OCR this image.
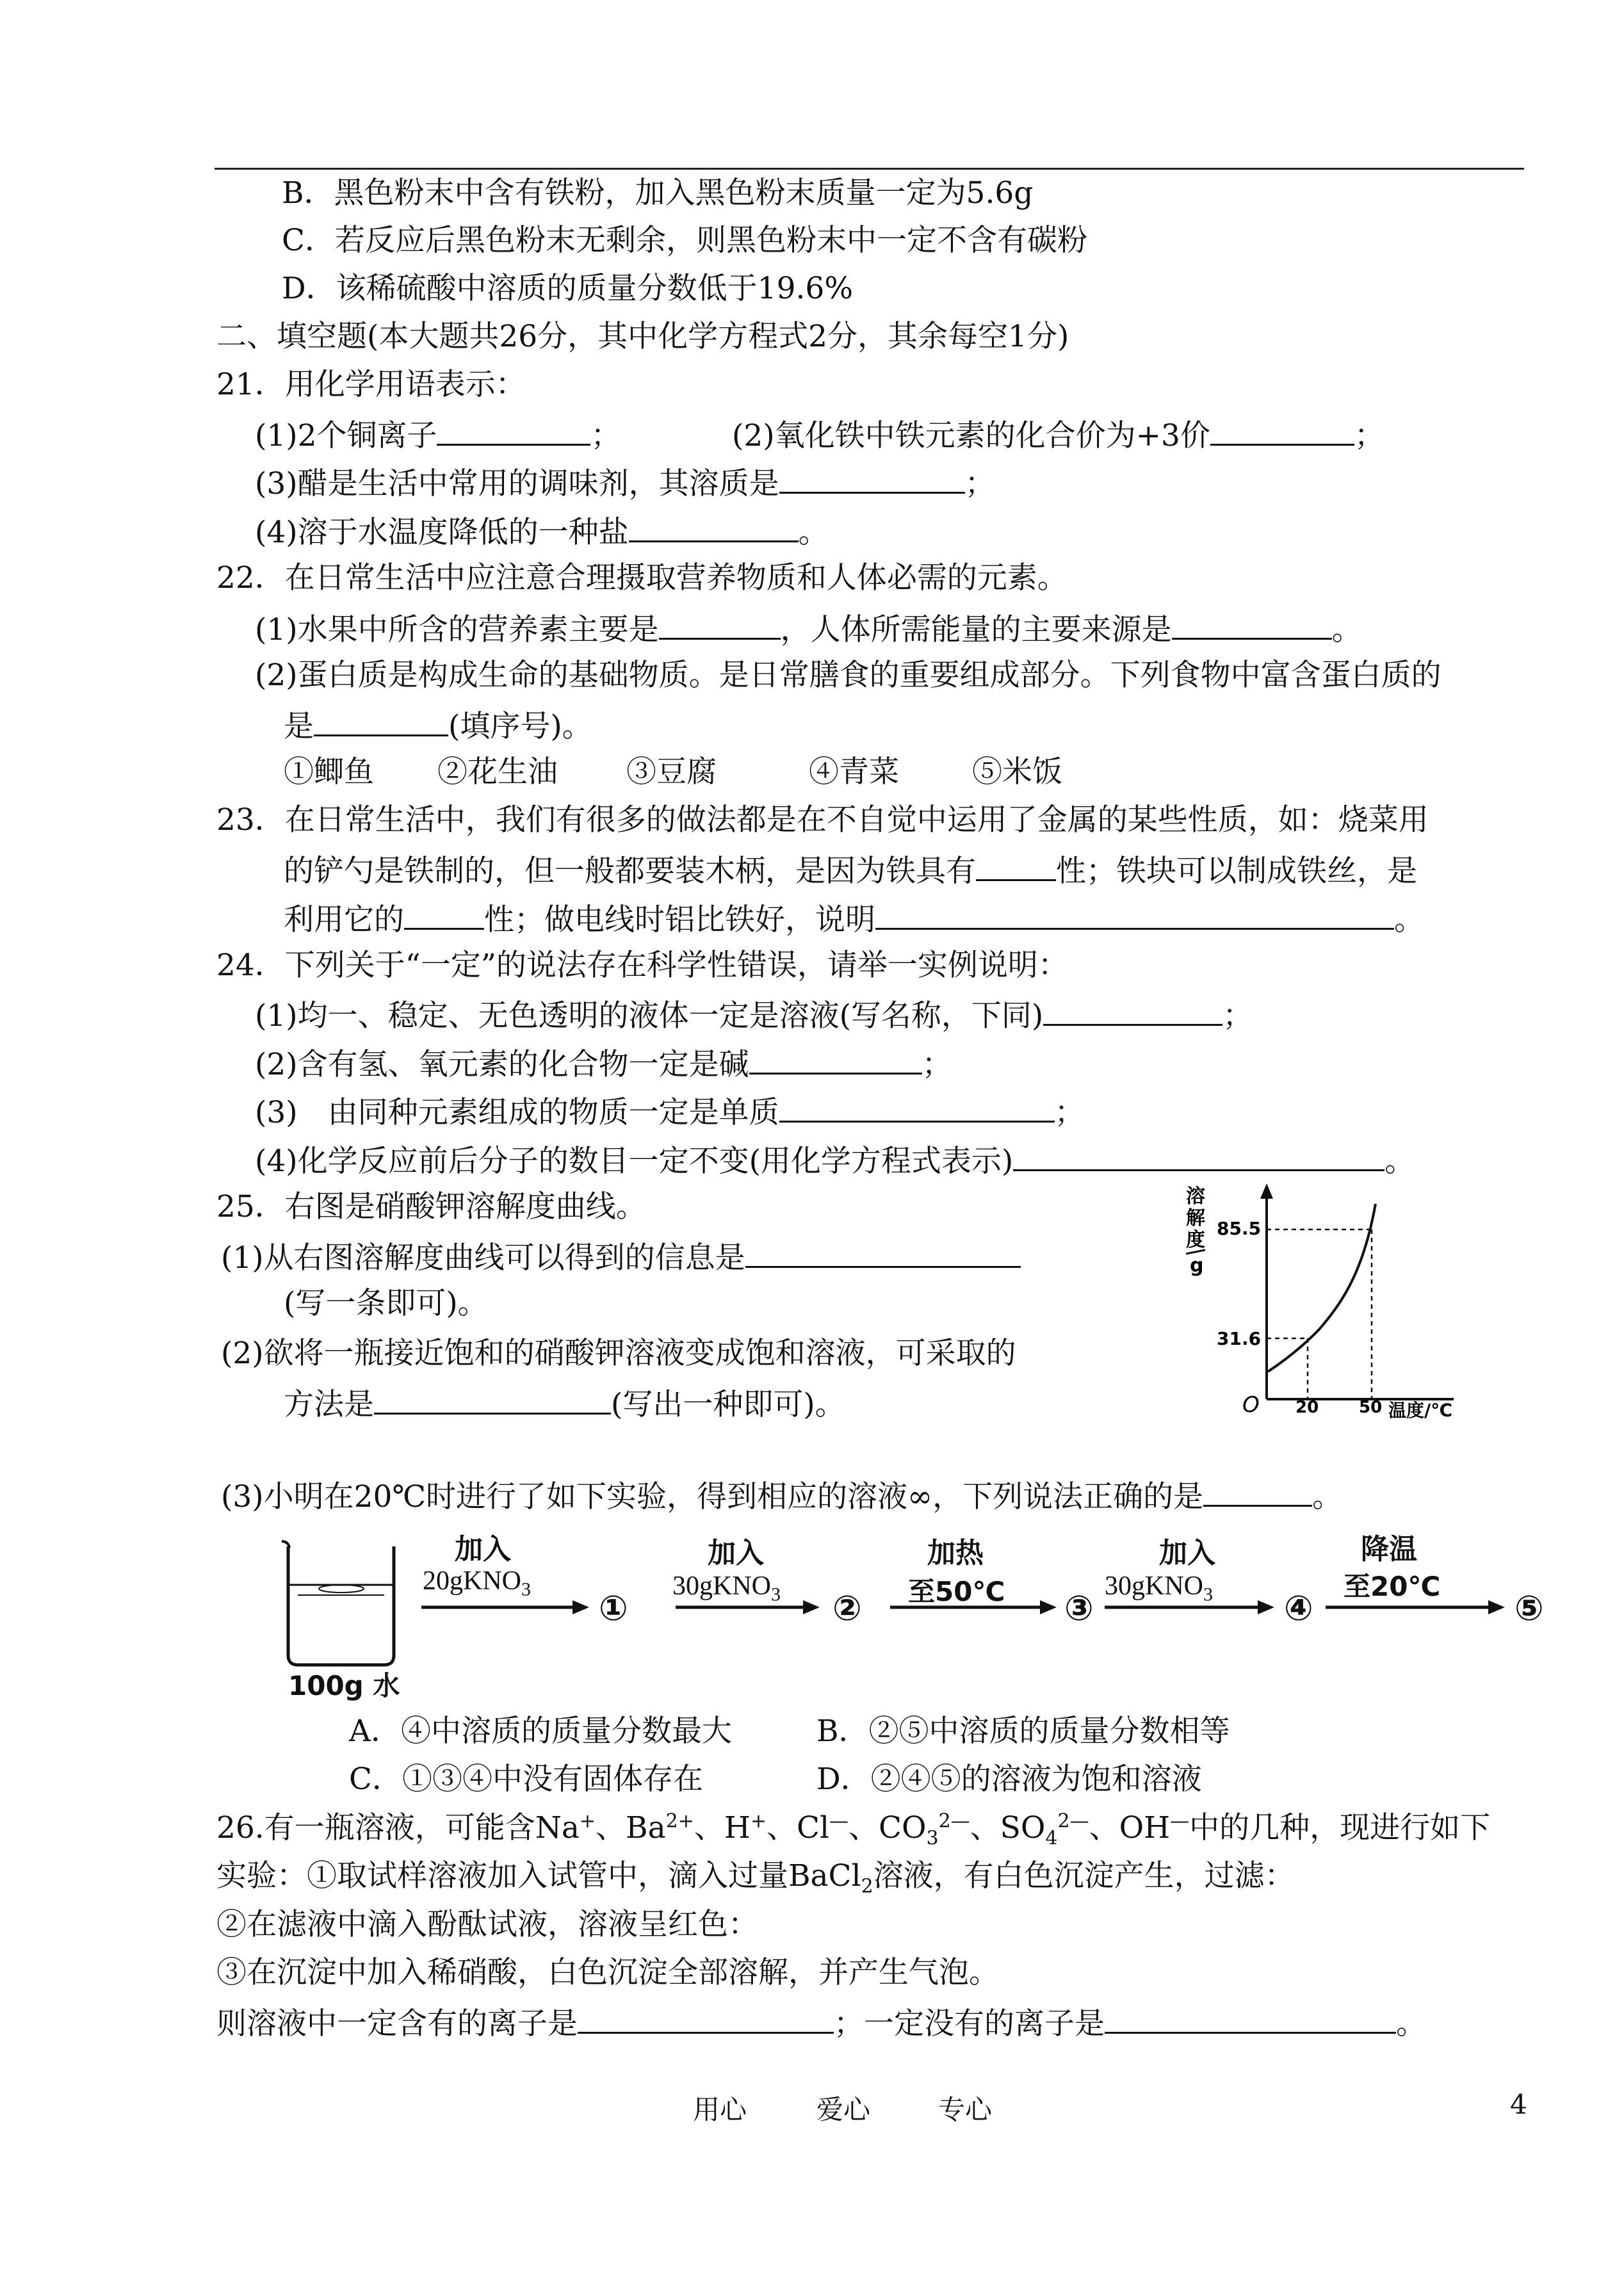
B．黑色粉末中含有铁粉，加入黑色粉末质量一定为5.6g
C．若反应后黑色粉末无剩余，则黑色粉末中一定不含有碳粉
D．该稀硫酸中溶质的质量分数低于19.6%
二、填空题(本大题共26分，其中化学方程式2分，其余每空1分)
21．用化学用语表示：
(1)2个铜离子	；	(2)氧化铁中铁元素的化合价为+3价	；
(3)醋是生活中常用的调味剂，其溶质是	；
(4)溶于水温度降低的一种盐	。
22．在日常生活中应注意合理摄取营养物质和人体必需的元素。
(1)水果中所含的营养素主要是	，人体所需能量的主要来源是	。
(2)蛋白质是构成生命的基础物质。是日常膳食的重要组成部分。下列食物中富含蛋白质的
是	(填序号)。
①鲫鱼 ②花生油 ③豆腐	④青菜 ⑤米饭
23．在日常生活中，我们有很多的做法都是在不自觉中运用了金属的某些性质，如：烧菜用
的铲勺是铁制的，但一般都要装木柄，是因为铁具有	性；铁块可以制成铁丝，是
利用它的	性；做电线时铝比铁好，说明	。
24．下列关于“一定”的说法存在科学性错误，请举一实例说明：
(1)均一、稳定、无色透明的液体一定是溶液(写名称，下同)	；
(2)含有氢、氧元素的化合物一定是碱	；
(3)　由同种元素组成的物质一定是单质	；
(4)化学反应前后分子的数目一定不变(用化学方程式表示)	。
25．右图是硝酸钾溶解度曲线。
(1)从右图溶解度曲线可以得到的信息是
(写一条即可)。
(2)欲将一瓶接近饱和的硝酸钾溶液变成饱和溶液，可采取的
方法是	(写出一种即可)。
溶
解
度
g
O
85.5
31.6
20 50 温度/℃
(3)小明在20℃时进行了如下实验，得到相应的溶液∞，下列说法正确的是	。
加入
20gKNO$_3$ ①
加入
30gKNO$_3$ ②
加热
至50℃ ③
加入
30gKNO$_3$ ④
降温
至20℃
⑤
100g 水
A．④中溶质的质量分数最大	B．②⑤中溶质的质量分数相等
C．①③④中没有固体存在	D．②④⑤的溶液为饱和溶液
26.有一瓶溶液，可能含Na+、$Ba^{2+}$、H+、Cl—、$CO_3^{2—}$、$SO_4^{2—}$、OH—中的几种，现进行如下
实验：①取试样溶液加入试管中，滴入过量BaCl$_2$溶液，有白色沉淀产生，过滤：
②在滤液中滴入酚酞试液，溶液呈红色：
③在沉淀中加入稀硝酸，白色沉淀全部溶解，并产生气泡。
则溶液中一定含有的离子是	；一定没有的离子是	。
用心	爱心	专心	4
